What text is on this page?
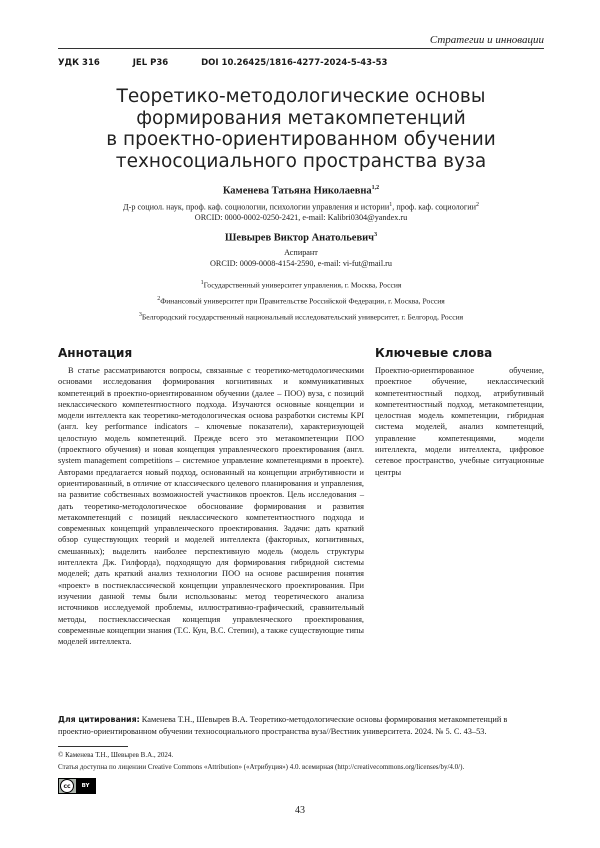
Стратегии и инновации
УДК 316	JEL P36	DOI 10.26425/1816-4277-2024-5-43-53
Теоретико-методологические основы
формирования метакомпетенций
в проектно-ориентированном обучении
техносоциального пространства вуза
Каменева Татьяна Николаевна$^{1,2}$
Д-р социол. наук, проф. каф. социологии, психологии управления и истории$^1$, проф. каф. социологии$^2$
ORCID: 0000-0002-0250-2421, e-mail: Kalibri0304@yandex.ru
Шевырев Виктор Анатольевич$^3$
Аспирант
ORCID: 0009-0008-4154-2590, e-mail: vi-fut@mail.ru
$^1$Государственный университет управления, г. Москва, Россия
$^2$Финансовый университет при Правительстве Российской Федерации, г. Москва, Россия
$^3$Белгородский государственный национальный исследовательский университет, г. Белгород, Россия
Аннотация
В статье рассматриваются вопросы, связанные с теоретико-методологическими основами исследования формирования когнитивных и коммуникативных компетенций в проектно-ориентированном обучении (далее – ПОО) вуза, с позиций неклассического компетентностного подхода. Изучаются основные концепции и модели интеллекта как теоретико-методологическая основа разработки системы KPI (англ. key performance indicators – ключевые показатели), характеризующей целостную модель компетенций. Прежде всего это метакомпетенции ПОО (проектного обучения) и новая концепция управленческого проектирования (англ. system management competitions – системное управление компетенциями в проекте). Авторами предлагается новый подход, основанный на концепции атрибутивности и ориентированный, в отличие от классического целевого планирования и управления, на развитие собственных возможностей участников проектов. Цель исследования – дать теоретико-методологическое обоснование формирования и развития метакомпетенций с позиций неклассического компетентностного подхода и современных концепций управленческого проектирования. Задачи: дать краткий обзор существующих теорий и моделей интеллекта (факторных, когнитивных, смешанных); выделить наиболее перспективную модель (модель структуры интеллекта Дж. Гилфорда), подходящую для формирования гибридной системы моделей; дать краткий анализ технологии ПОО на основе расширения понятия «проект» в постнеклассической концепции управленческого проектирования. При изучении данной темы были использованы: метод теоретического анализа источников исследуемой проблемы, иллюстративно-графический, сравнительный методы, постнеклассическая концепция управленческого проектирования, современные концепции знания (Т.С. Кун, В.С. Степин), а также существующие типы моделей интеллекта.
Ключевые слова
Проектно-ориентированное обучение, проектное обучение, неклассический компетентностный подход, атрибутивный компетентностный подход, метакомпетенции, целостная модель компетенции, гибридная система моделей, анализ компетенций, управление компетенциями, модели интеллекта, модели интеллекта, цифровое сетевое пространство, учебные ситуационные центры
Для цитирования: Каменева Т.Н., Шевырев В.А. Теоретико-методологические основы формирования метакомпетенций в проектно-ориентированном обучении техносоциального пространства вуза//Вестник университета. 2024. № 5. С. 43–53.
© Каменева Т.Н., Шевырев В.А., 2024.
Статья доступна по лицензии Creative Commons «Attribution» («Атрибуция») 4.0. всемирная (http://creativecommons.org/licenses/by/4.0/).
cc	BY
43
